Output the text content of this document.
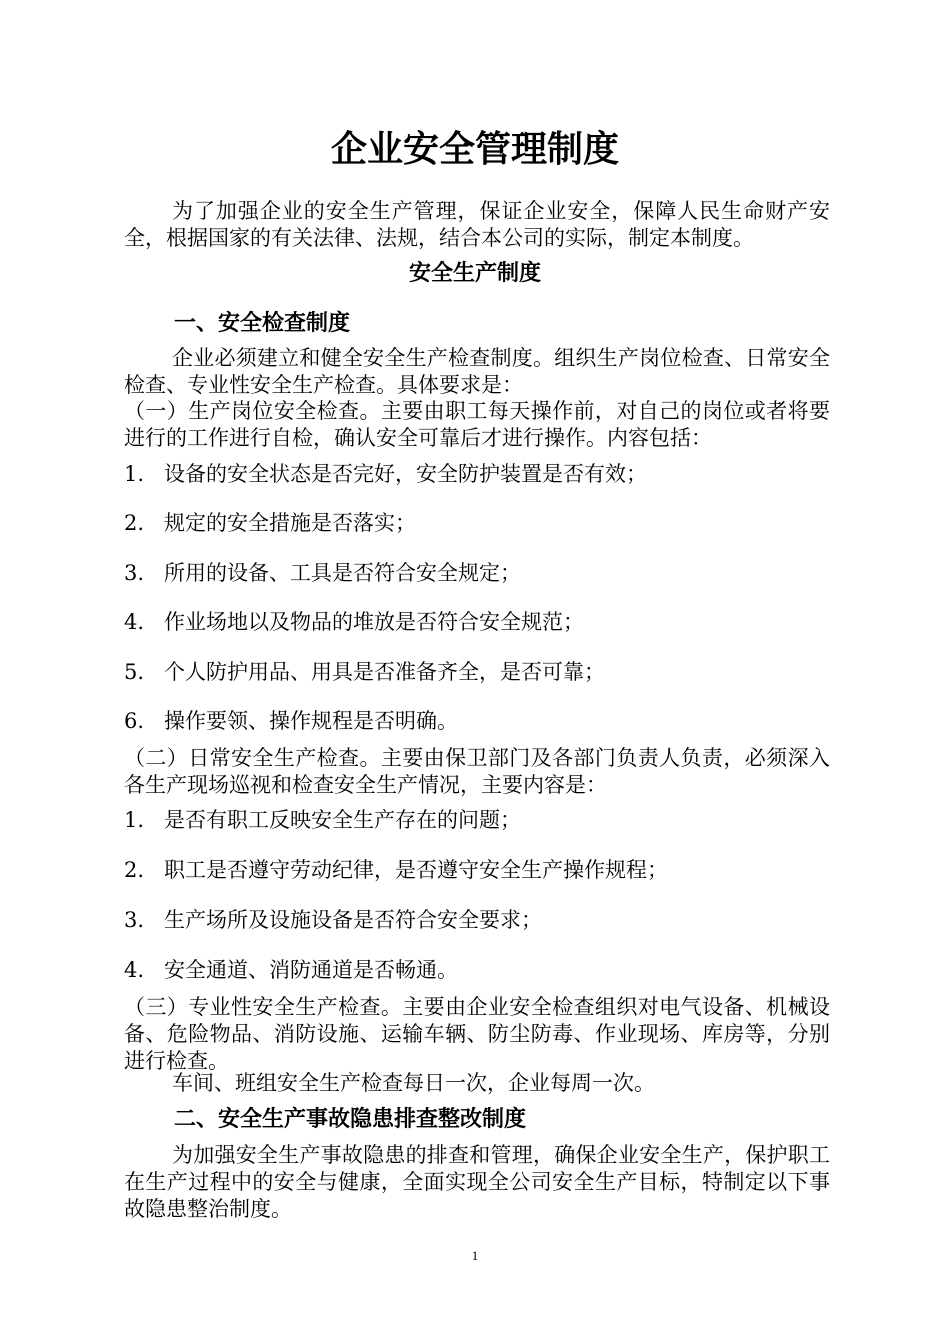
企业安全管理制度

为了加强企业的安全生产管理，保证企业安全，保障人民生命财产安全，根据国家的有关法律、法规，结合本公司的实际，制定本制度。

安全生产制度
一、安全检查制度

企业必须建立和健全安全生产检查制度。组织生产岗位检查、日常安全检查、专业性安全生产检查。具体要求是：

（一）生产岗位安全检查。主要由职工每天操作前，对自己的岗位或者将要进行的工作进行自检，确认安全可靠后才进行操作。内容包括：

1. 设备的安全状态是否完好，安全防护装置是否有效；
2. 规定的安全措施是否落实；
3. 所用的设备、工具是否符合安全规定；
4. 作业场地以及物品的堆放是否符合安全规范；
5. 个人防护用品、用具是否准备齐全，是否可靠；
6. 操作要领、操作规程是否明确。

（二）日常安全生产检查。主要由保卫部门及各部门负责人负责，必须深入各生产现场巡视和检查安全生产情况，主要内容是：

1. 是否有职工反映安全生产存在的问题；
2. 职工是否遵守劳动纪律，是否遵守安全生产操作规程；
3. 生产场所及设施设备是否符合安全要求；
4. 安全通道、消防通道是否畅通。

（三）专业性安全生产检查。主要由企业安全检查组织对电气设备、机械设备、危险物品、消防设施、运输车辆、防尘防毒、作业现场、库房等，分别进行检查。

车间、班组安全生产检查每日一次，企业每周一次。

二、安全生产事故隐患排查整改制度

为加强安全生产事故隐患的排查和管理，确保企业安全生产，保护职工在生产过程中的安全与健康，全面实现全公司安全生产目标，特制定以下事故隐患整治制度。

1
